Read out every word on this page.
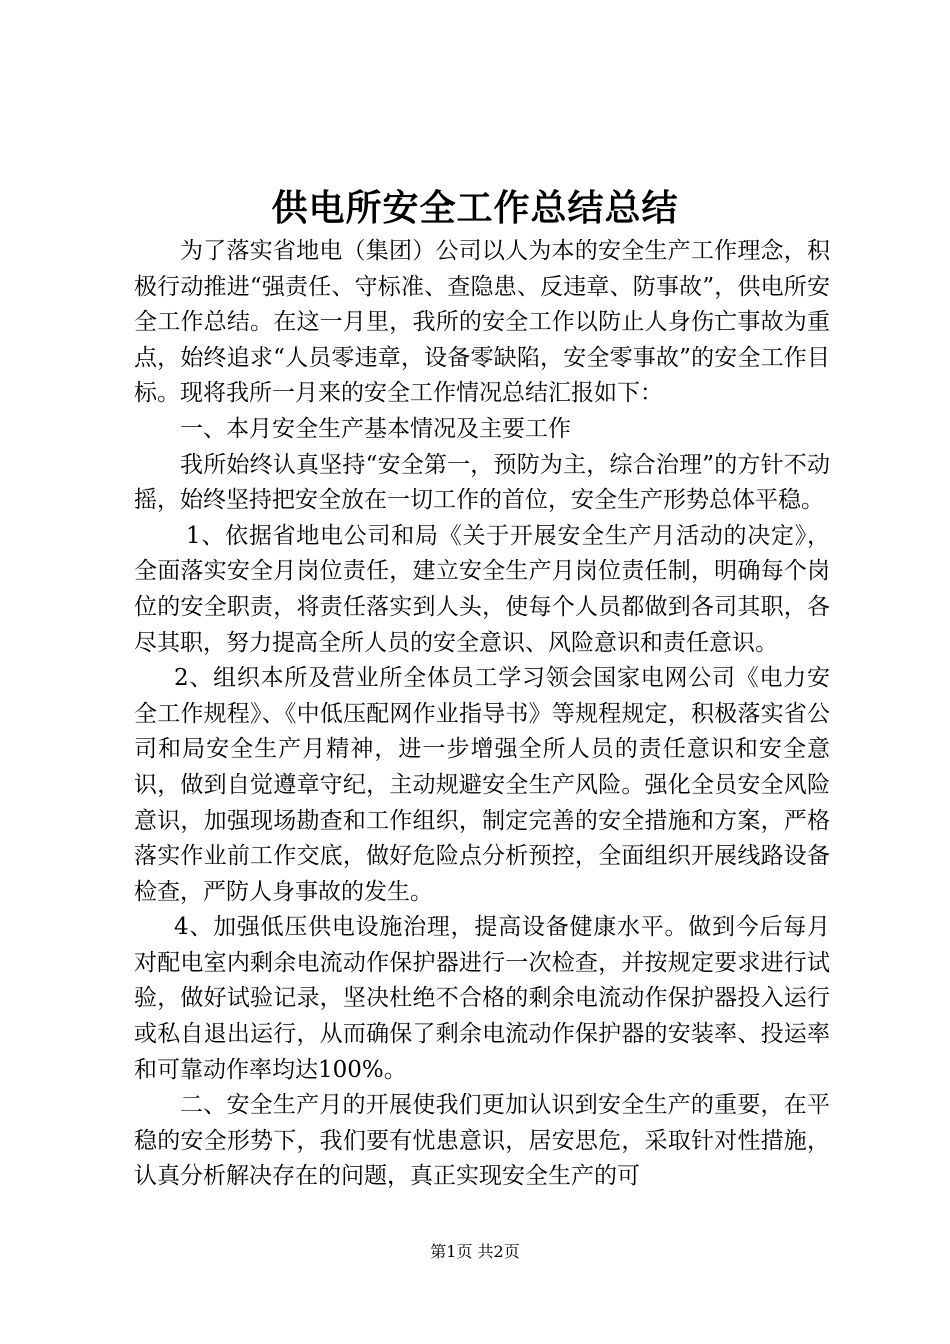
供电所安全工作总结总结

为了落实省地电（集团）公司以人为本的安全生产工作理念，积极行动推进“强责任、守标准、查隐患、反违章、防事故”，供电所安全工作总结。在这一月里，我所的安全工作以防止人身伤亡事故为重点，始终追求“人员零违章，设备零缺陷，安全零事故”的安全工作目标。现将我所一月来的安全工作情况总结汇报如下：

一、本月安全生产基本情况及主要工作

我所始终认真坚持“安全第一，预防为主，综合治理”的方针不动摇，始终坚持把安全放在一切工作的首位，安全生产形势总体平稳。

1、依据省地电公司和局《关于开展安全生产月活动的决定》，全面落实安全月岗位责任，建立安全生产月岗位责任制，明确每个岗位的安全职责，将责任落实到人头，使每个人员都做到各司其职，各尽其职，努力提高全所人员的安全意识、风险意识和责任意识。

2、组织本所及营业所全体员工学习领会国家电网公司《电力安全工作规程》、《中低压配网作业指导书》等规程规定，积极落实省公司和局安全生产月精神，进一步增强全所人员的责任意识和安全意识，做到自觉遵章守纪，主动规避安全生产风险。强化全员安全风险意识，加强现场勘查和工作组织，制定完善的安全措施和方案，严格落实作业前工作交底，做好危险点分析预控，全面组织开展线路设备检查，严防人身事故的发生。

4、加强低压供电设施治理，提高设备健康水平。做到今后每月对配电室内剩余电流动作保护器进行一次检查，并按规定要求进行试验，做好试验记录，坚决杜绝不合格的剩余电流动作保护器投入运行或私自退出运行，从而确保了剩余电流动作保护器的安装率、投运率和可靠动作率均达100%。

二、安全生产月的开展使我们更加认识到安全生产的重要，在平稳的安全形势下，我们要有忧患意识，居安思危，采取针对性措施，认真分析解决存在的问题，真正实现安全生产的可

第1页 共2页
